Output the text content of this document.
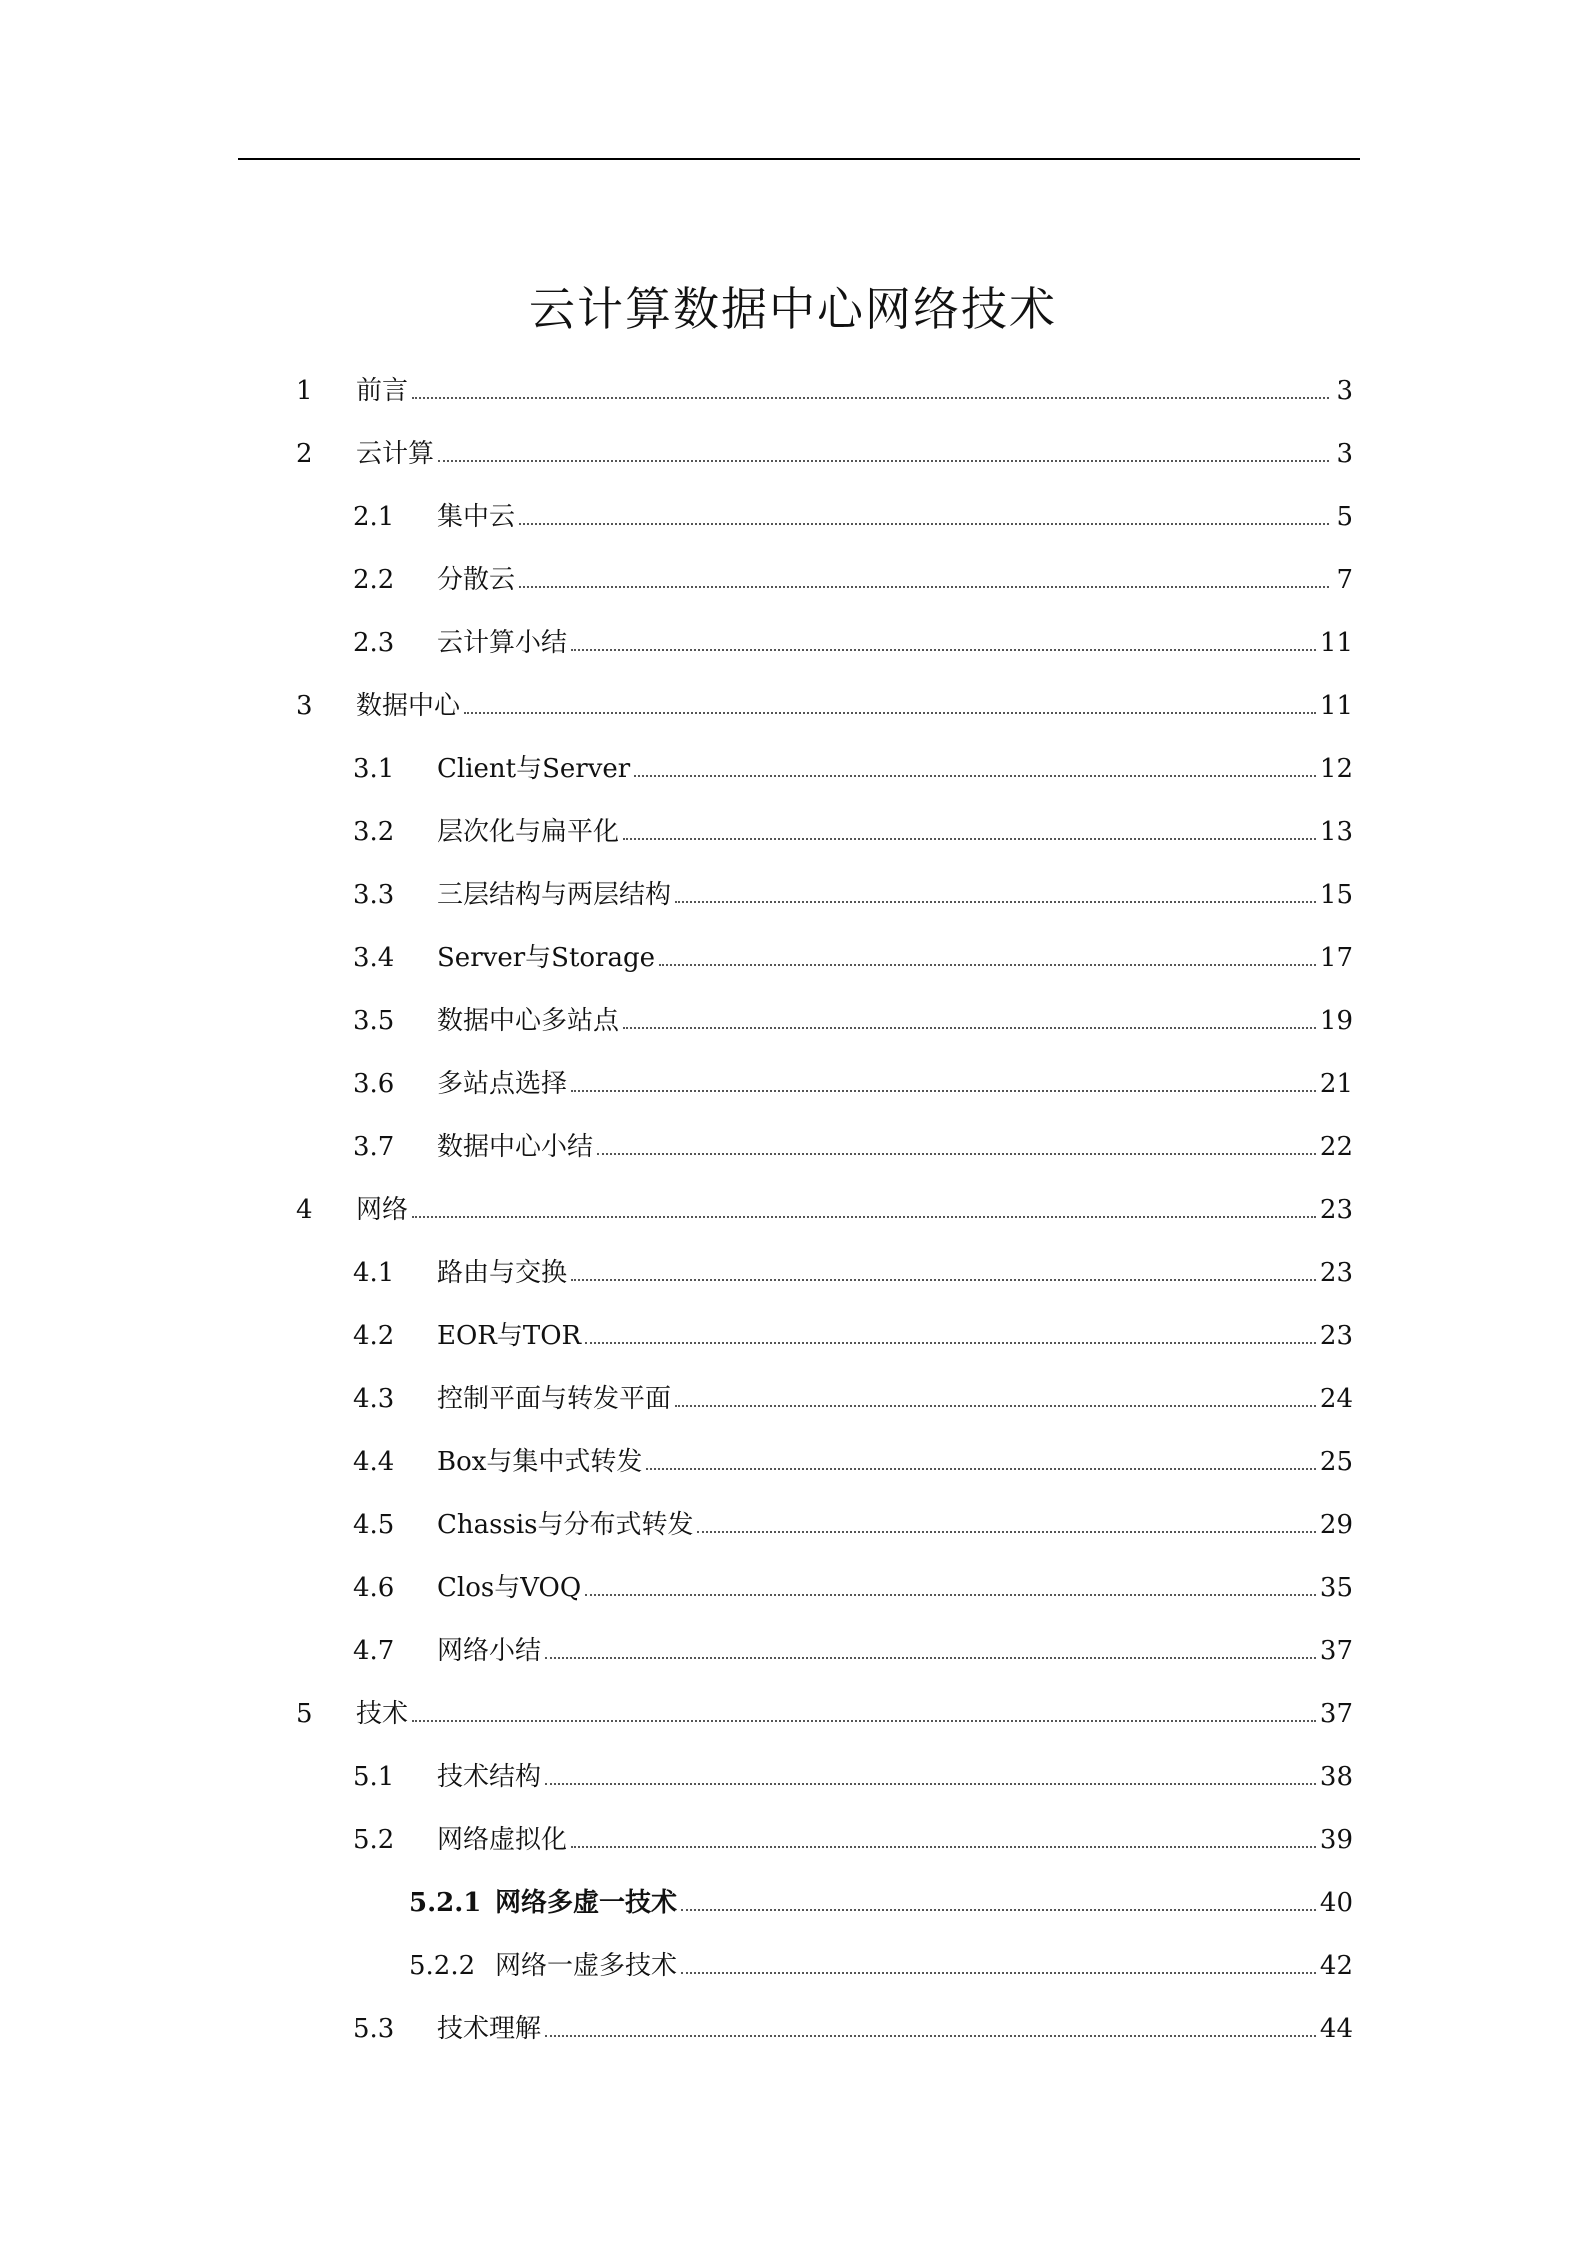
云计算数据中心网络技术
1	前言	3
2	云计算	3
2.1	集中云	5
2.2	分散云	7
2.3	云计算小结	11
3	数据中心	11
3.1	Client与Server	12
3.2	层次化与扁平化	13
3.3	三层结构与两层结构	15
3.4	Server与Storage	17
3.5	数据中心多站点	19
3.6	多站点选择	21
3.7	数据中心小结	22
4	网络	23
4.1	路由与交换	23
4.2	EOR与TOR	23
4.3	控制平面与转发平面	24
4.4	Box与集中式转发	25
4.5	Chassis与分布式转发	29
4.6	Clos与VOQ	35
4.7	网络小结	37
5	技术	37
5.1	技术结构	38
5.2	网络虚拟化	39
5.2.1 网络多虚一技术	40
5.2.2 网络一虚多技术	42
5.3	技术理解	44
